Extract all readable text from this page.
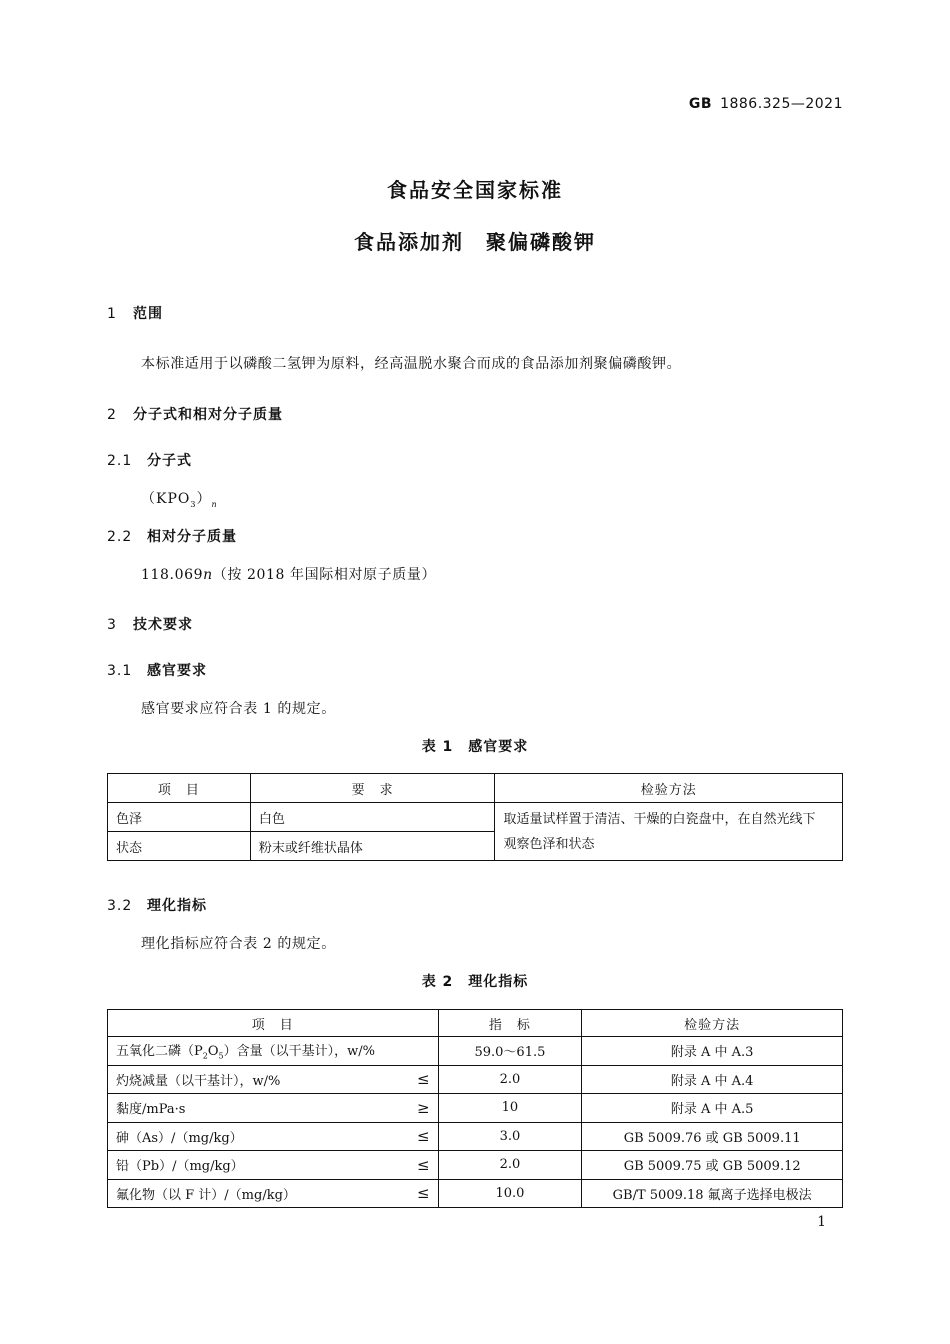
GB 1886.325—2021
食品安全国家标准
食品添加剂　聚偏磷酸钾
1 范围
本标准适用于以磷酸二氢钾为原料，经高温脱水聚合而成的食品添加剂聚偏磷酸钾。
2 分子式和相对分子质量
2.1 分子式
$(KPO_3)_n$
2.2 相对分子质量
118.069n（按 2018 年国际相对原子质量）
3 技术要求
3.1 感官要求
感官要求应符合表 1 的规定。
表 1　感官要求
项　目	要　求	检验方法
色泽	白色	取适量试样置于清洁、干燥的白瓷盘中，在自然光线下
观察色泽和状态
状态	粉末或纤维状晶体	
3.2 理化指标
理化指标应符合表 2 的规定。
表 2　理化指标
项　目	指　标	检验方法
五氧化二磷$(P_2O_5)$含量（以干基计），w/%	59.0～61.5	附录 A 中 A.3
灼烧减量（以干基计），w/% ≤	2.0	附录 A 中 A.4
黏度/mPa·s ≥	10	附录 A 中 A.5
砷（As）/（mg/kg） ≤	3.0	GB 5009.76 或 GB 5009.11
铅（Pb）/（mg/kg） ≤	2.0	GB 5009.75 或 GB 5009.12
氟化物（以 F 计）/（mg/kg） ≤	10.0	GB/T 5009.18 氟离子选择电极法
1
